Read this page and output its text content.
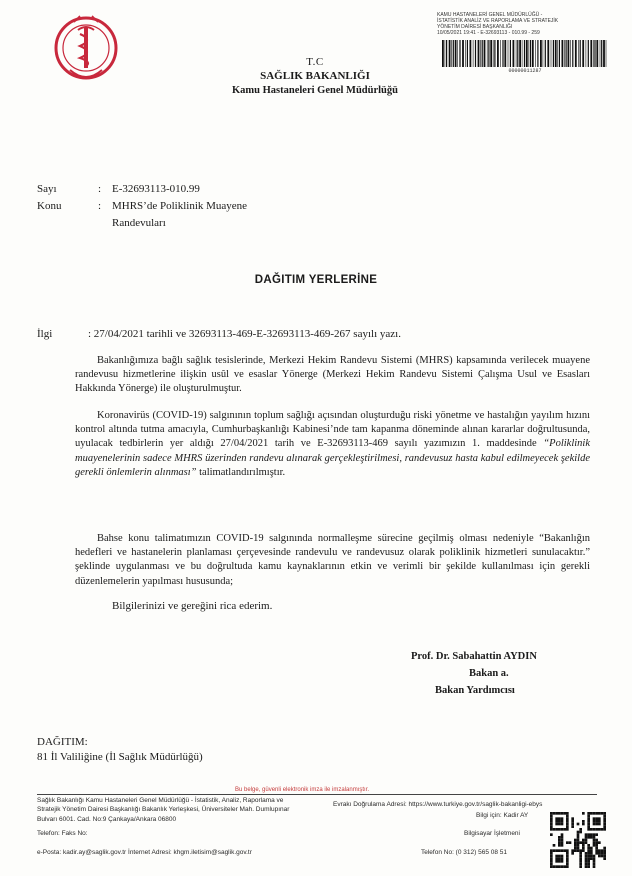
T.C
SAĞLIK BAKANLIĞI
Kamu Hastaneleri Genel Müdürlüğü
KAMU HASTANELERİ GENEL MÜDÜRLÜĞÜ -
İSTATİSTİK ANALİZ VE RAPORLAMA VE STRATEJİK
YÖNETİM DAİRESİ BAŞKANLIĞI
10/05/2021 19:41 - E-32693113 - 010.99 - 259
00000011287
Sayı	: E-32693113-010.99
Konu	: MHRS’de Poliklinik Muayene
Randevuları
DAĞITIM YERLERİNE
İlgi	: 27/04/2021 tarihli ve 32693113-469-E-32693113-469-267 sayılı yazı.
Bakanlığımıza bağlı sağlık tesislerinde, Merkezi Hekim Randevu Sistemi (MHRS) kapsamında verilecek muayene randevusu hizmetlerine ilişkin usûl ve esaslar Yönerge (Merkezi Hekim Randevu Sistemi Çalışma Usul ve Esasları Hakkında Yönerge) ile oluşturulmuştur.
Koronavirüs (COVID-19) salgınının toplum sağlığı açısından oluşturduğu riski yönetme ve hastalığın yayılım hızını kontrol altında tutma amacıyla, Cumhurbaşkanlığı Kabinesi’nde tam kapanma döneminde alınan kararlar doğrultusunda, uyulacak tedbirlerin yer aldığı 27/04/2021 tarih ve E-32693113-469 sayılı yazımızın 1. maddesinde “Poliklinik muayenelerinin sadece MHRS üzerinden randevu alınarak gerçekleştirilmesi, randevusuz hasta kabul edilmeyecek şekilde gerekli önlemlerin alınması” talimatlandırılmıştır.
Bahse konu talimatımızın COVID-19 salgınında normalleşme sürecine geçilmiş olması nedeniyle “Bakanlığın hedefleri ve hastanelerin planlaması çerçevesinde randevulu ve randevusuz olarak poliklinik hizmetleri sunulacaktır.” şeklinde uygulanması ve bu doğrultuda kamu kaynaklarının etkin ve verimli bir şekilde kullanılması için gerekli düzenlemelerin yapılması hususunda;
Bilgilerinizi ve gereğini rica ederim.
Prof. Dr. Sabahattin AYDIN
Bakan a.
Bakan Yardımcısı
DAĞITIM:
81 İl Valiliğine (İl Sağlık Müdürlüğü)
Bu belge, güvenli elektronik imza ile imzalanmıştır.
Sağlık Bakanlığı Kamu Hastaneleri Genel Müdürlüğü - İstatistik, Analiz, Raporlama ve
Stratejik Yönetim Dairesi Başkanlığı Bakanlık Yerleşkesi, Üniversiteler Mah. Dumlupınar
Bulvarı 6001. Cad. No:9 Çankaya/Ankara 06800
Telefon: Faks No:
e-Posta: kadir.ay@saglik.gov.tr İnternet Adresi: khgm.iletisim@saglik.gov.tr
Evrakı Doğrulama Adresi: https://www.turkiye.gov.tr/saglik-bakanligi-ebys
Bilgi için: Kadir AY
Bilgisayar İşletmeni
Telefon No: (0 312) 565 08 51
